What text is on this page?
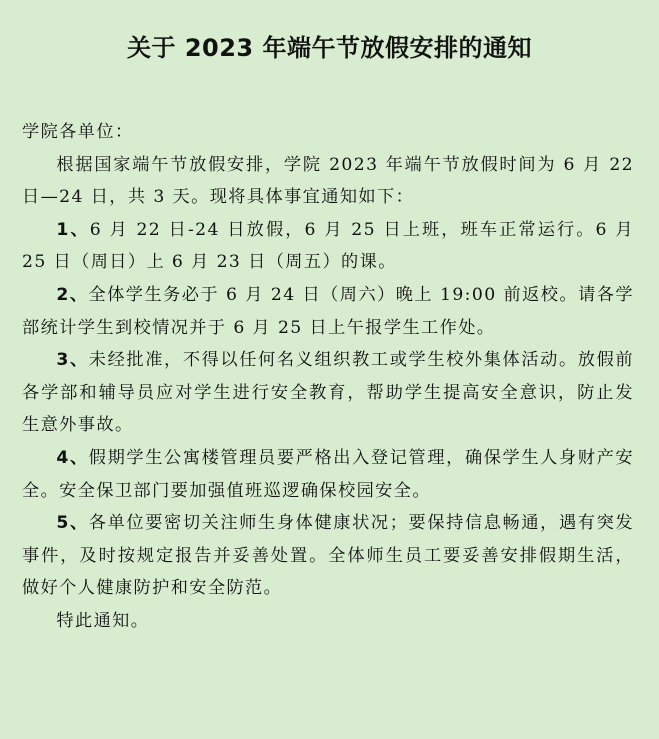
关于 2023 年端午节放假安排的通知

学院各单位：

根据国家端午节放假安排，学院 2023 年端午节放假时间为 6 月 22 日—24 日，共 3 天。现将具体事宜通知如下：

1、6 月 22 日-24 日放假，6 月 25 日上班，班车正常运行。6 月 25 日（周日）上 6 月 23 日（周五）的课。

2、全体学生务必于 6 月 24 日（周六）晚上 19:00 前返校。请各学部统计学生到校情况并于 6 月 25 日上午报学生工作处。

3、未经批准，不得以任何名义组织教工或学生校外集体活动。放假前各学部和辅导员应对学生进行安全教育，帮助学生提高安全意识，防止发生意外事故。

4、假期学生公寓楼管理员要严格出入登记管理，确保学生人身财产安全。安全保卫部门要加强值班巡逻确保校园安全。

5、各单位要密切关注师生身体健康状况；要保持信息畅通，遇有突发事件，及时按规定报告并妥善处置。全体师生员工要妥善安排假期生活，做好个人健康防护和安全防范。

特此通知。
